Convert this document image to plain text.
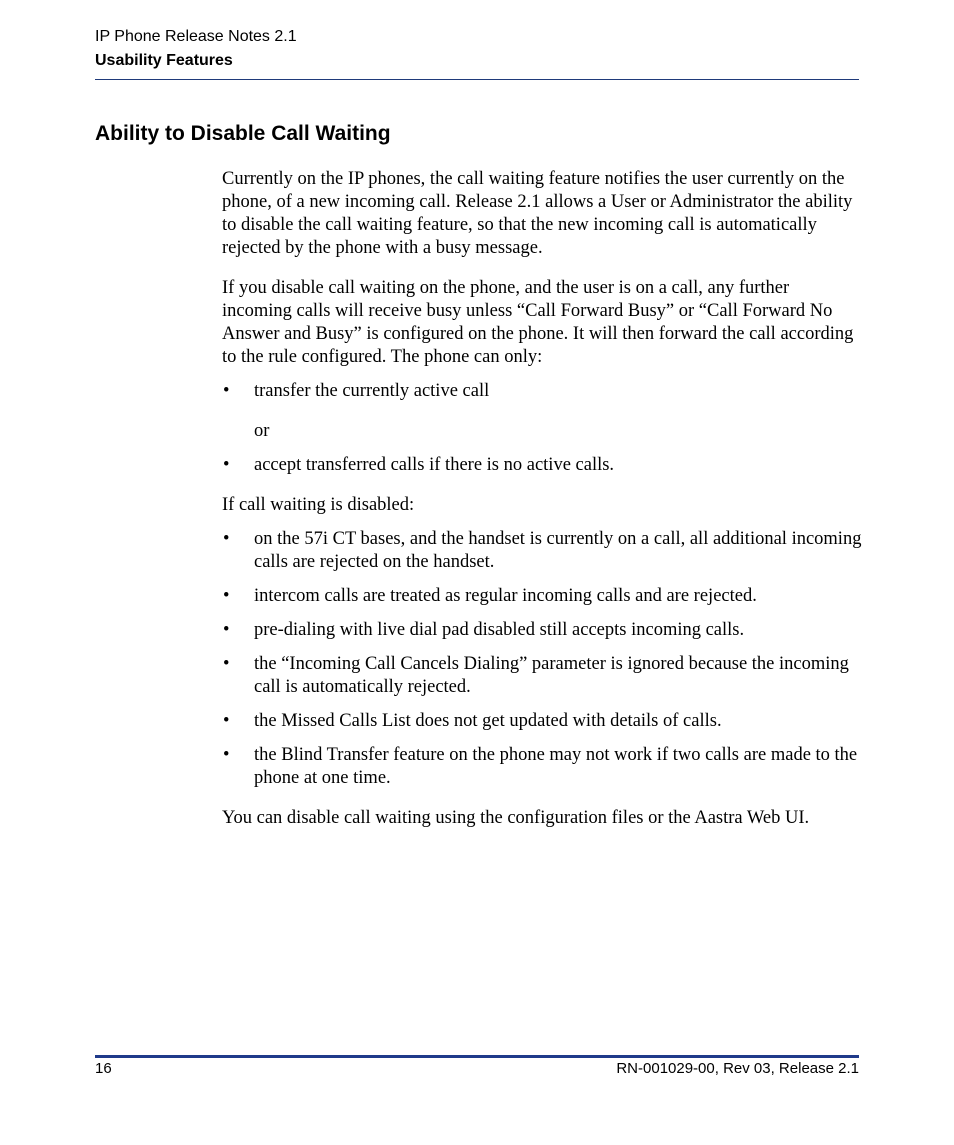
IP Phone Release Notes 2.1
Usability Features
Ability to Disable Call Waiting

Currently on the IP phones, the call waiting feature notifies the user currently on the phone, of a new incoming call. Release 2.1 allows a User or Administrator the ability to disable the call waiting feature, so that the new incoming call is automatically rejected by the phone with a busy message.

If you disable call waiting on the phone, and the user is on a call, any further incoming calls will receive busy unless “Call Forward Busy” or “Call Forward No Answer and Busy” is configured on the phone. It will then forward the call according to the rule configured. The phone can only:

• transfer the currently active call
or
• accept transferred calls if there is no active calls.

If call waiting is disabled:

• on the 57i CT bases, and the handset is currently on a call, all additional incoming calls are rejected on the handset.
• intercom calls are treated as regular incoming calls and are rejected.
• pre-dialing with live dial pad disabled still accepts incoming calls.
• the “Incoming Call Cancels Dialing” parameter is ignored because the incoming call is automatically rejected.
• the Missed Calls List does not get updated with details of calls.
• the Blind Transfer feature on the phone may not work if two calls are made to the phone at one time.

You can disable call waiting using the configuration files or the Aastra Web UI.

16	RN-001029-00, Rev 03, Release 2.1
